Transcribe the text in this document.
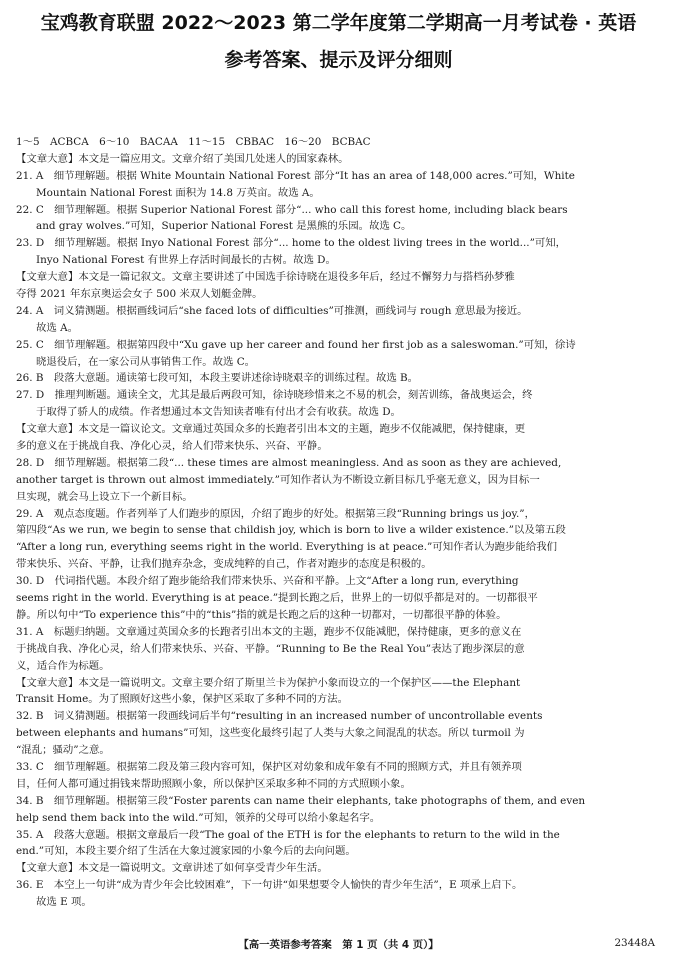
宝鸡教育联盟 2022～2023 第二学年度第二学期高一月考试卷 · 英语
参考答案、提示及评分细则
1～5　ACBCA　6～10　BACAA　11～15　CBBAC　16～20　BCBAC
【文章大意】本文是一篇应用文。文章介绍了美国几处迷人的国家森林。
21. A　细节理解题。根据 White Mountain National Forest 部分“It has an area of 148,000 acres.”可知，White
Mountain National Forest 面积为 14.8 万英亩。故选 A。
22. C　细节理解题。根据 Superior National Forest 部分“... who call this forest home, including black bears
and gray wolves.”可知，Superior National Forest 是黑熊的乐园。故选 C。
23. D　细节理解题。根据 Inyo National Forest 部分“... home to the oldest living trees in the world...”可知，
Inyo National Forest 有世界上存活时间最长的古树。故选 D。
【文章大意】本文是一篇记叙文。文章主要讲述了中国选手徐诗晓在退役多年后，经过不懈努力与搭档孙梦雅
夺得 2021 年东京奥运会女子 500 米双人划艇金牌。
24. A　词义猜测题。根据画线词后“she faced lots of difficulties”可推测，画线词与 rough 意思最为接近。
故选 A。
25. C　细节理解题。根据第四段中“Xu gave up her career and found her first job as a saleswoman.”可知，徐诗
晓退役后，在一家公司从事销售工作。故选 C。
26. B　段落大意题。通读第七段可知，本段主要讲述徐诗晓艰辛的训练过程。故选 B。
27. D　推理判断题。通读全文，尤其是最后两段可知，徐诗晓珍惜来之不易的机会，刻苦训练，备战奥运会，终
于取得了骄人的成绩。作者想通过本文告知读者唯有付出才会有收获。故选 D。
【文章大意】本文是一篇议论文。文章通过英国众多的长跑者引出本文的主题，跑步不仅能减肥，保持健康，更
多的意义在于挑战自我、净化心灵，给人们带来快乐、兴奋、平静。
28. D　细节理解题。根据第二段“... these times are almost meaningless. And as soon as they are achieved,
another target is thrown out almost immediately.”可知作者认为不断设立新目标几乎毫无意义，因为目标一
旦实现，就会马上设立下一个新目标。
29. A　观点态度题。作者列举了人们跑步的原因，介绍了跑步的好处。根据第三段“Running brings us joy.”，
第四段“As we run, we begin to sense that childish joy, which is born to live a wilder existence.”以及第五段
“After a long run, everything seems right in the world. Everything is at peace.”可知作者认为跑步能给我们
带来快乐、兴奋、平静，让我们抛弃杂念，变成纯粹的自己，作者对跑步的态度是积极的。
30. D　代词指代题。本段介绍了跑步能给我们带来快乐、兴奋和平静。上文“After a long run, everything
seems right in the world. Everything is at peace.”提到长跑之后，世界上的一切似乎都是对的。一切都很平
静。所以句中“To experience this”中的“this”指的就是长跑之后的这种一切都对，一切都很平静的体验。
31. A　标题归纳题。文章通过英国众多的长跑者引出本文的主题，跑步不仅能减肥，保持健康，更多的意义在
于挑战自我、净化心灵，给人们带来快乐、兴奋、平静。“Running to Be the Real You”表达了跑步深层的意
义，适合作为标题。
【文章大意】本文是一篇说明文。文章主要介绍了斯里兰卡为保护小象而设立的一个保护区——the Elephant
Transit Home。为了照顾好这些小象，保护区采取了多种不同的方法。
32. B　词义猜测题。根据第一段画线词后半句“resulting in an increased number of uncontrollable events
between elephants and humans”可知，这些变化最终引起了人类与大象之间混乱的状态。所以 turmoil 为
“混乱；骚动”之意。
33. C　细节理解题。根据第二段及第三段内容可知，保护区对幼象和成年象有不同的照顾方式，并且有领养项
目，任何人都可通过捐钱来帮助照顾小象，所以保护区采取多种不同的方式照顾小象。
34. B　细节理解题。根据第三段“Foster parents can name their elephants, take photographs of them, and even
help send them back into the wild.”可知，领养的父母可以给小象起名字。
35. A　段落大意题。根据文章最后一段“The goal of the ETH is for the elephants to return to the wild in the
end.”可知，本段主要介绍了生活在大象过渡家园的小象今后的去向问题。
【文章大意】本文是一篇说明文。文章讲述了如何享受青少年生活。
36. E　本空上一句讲“成为青少年会比较困难”，下一句讲“如果想要令人愉快的青少年生活”，E 项承上启下。
故选 E 项。
【高一英语参考答案　第 1 页（共 4 页）】	23448A
